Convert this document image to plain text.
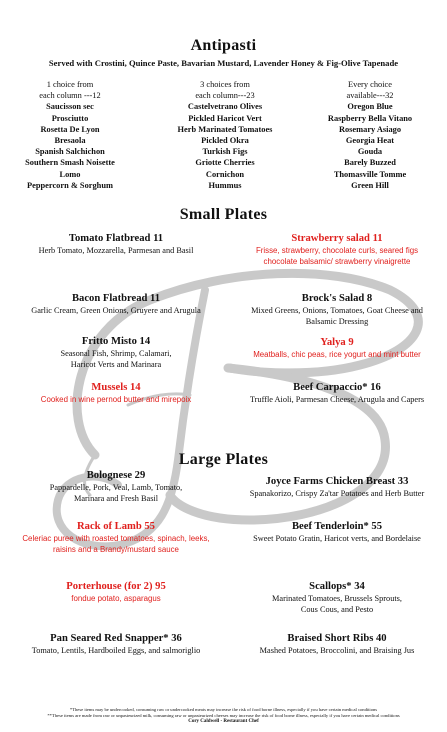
Antipasti
Served with Crostini, Quince Paste, Bavarian Mustard, Lavender Honey & Fig-Olive Tapenade
1 choice from
each column ---12
Saucisson sec
Prosciutto
Rosetta De Lyon
Bresaola
Spanish Salchichon
Southern Smash Noisette
Lomo
Peppercorn & Sorghum
3 choices from
each column---23
Castelvetrano Olives
Pickled Haricot Vert
Herb Marinated Tomatoes
Pickled Okra
Turkish Figs
Griotte Cherries
Cornichon
Hummus
Every choice
available---32
Oregon Blue
Raspberry Bella Vitano
Rosemary Asiago
Georgia Heat
Gouda
Barely Buzzed
Thomasville Tomme
Green Hill
Small Plates
Tomato Flatbread 11
Herb Tomato, Mozzarella, Parmesan and Basil
Strawberry salad 11
Frisse, strawberry, chocolate curls, seared figs
chocolate balsamic/ strawberry vinaigrette
Bacon Flatbread 11
Garlic Cream, Green Onions, Gruyere and Arugula
Brock's Salad 8
Mixed Greens, Onions, Tomatoes, Goat Cheese and
Balsamic Dressing
Fritto Misto 14
Seasonal Fish, Shrimp, Calamari,
Haricot Verts and Marinara
Yalya 9
Meatballs, chic peas, rice yogurt and mint butter
Mussels 14
Cooked in wine pernod butter and mirepoix
Beef Carpaccio* 16
Truffle Aioli, Parmesan Cheese, Arugula and Capers
Large Plates
Bolognese 29
Pappardelle, Pork, Veal, Lamb, Tomato,
Marinara and Fresh Basil
Joyce Farms Chicken Breast 33
Spanakorizo, Crispy Za'tar Potatoes and Herb Butter
Rack of Lamb 55
Celeriac puree with roasted tomatoes, spinach, leeks,
raisins and a Brandy/mustard sauce
Beef Tenderloin* 55
Sweet Potato Gratin, Haricot verts, and Bordelaise
Porterhouse (for 2) 95
fondue potato, asparagus
Scallops* 34
Marinated Tomatoes, Brussels Sprouts,
Cous Cous, and Pesto
Pan Seared Red Snapper* 36
Tomato, Lentils, Hardboiled Eggs, and salmoriglio
Braised Short Ribs 40
Mashed Potatoes, Broccolini, and Braising Jus
*These items may be undercooked, consuming raw or undercooked meats may increase the risk of food borne illness, especially if you have certain medical conditions
**These items are made from raw or unpasteurized milk, consuming raw or unpasteurized cheeses may increase the risk of food borne illness, especially if you have certain medical conditions
Cory Caldwell - Restaurant Chef
